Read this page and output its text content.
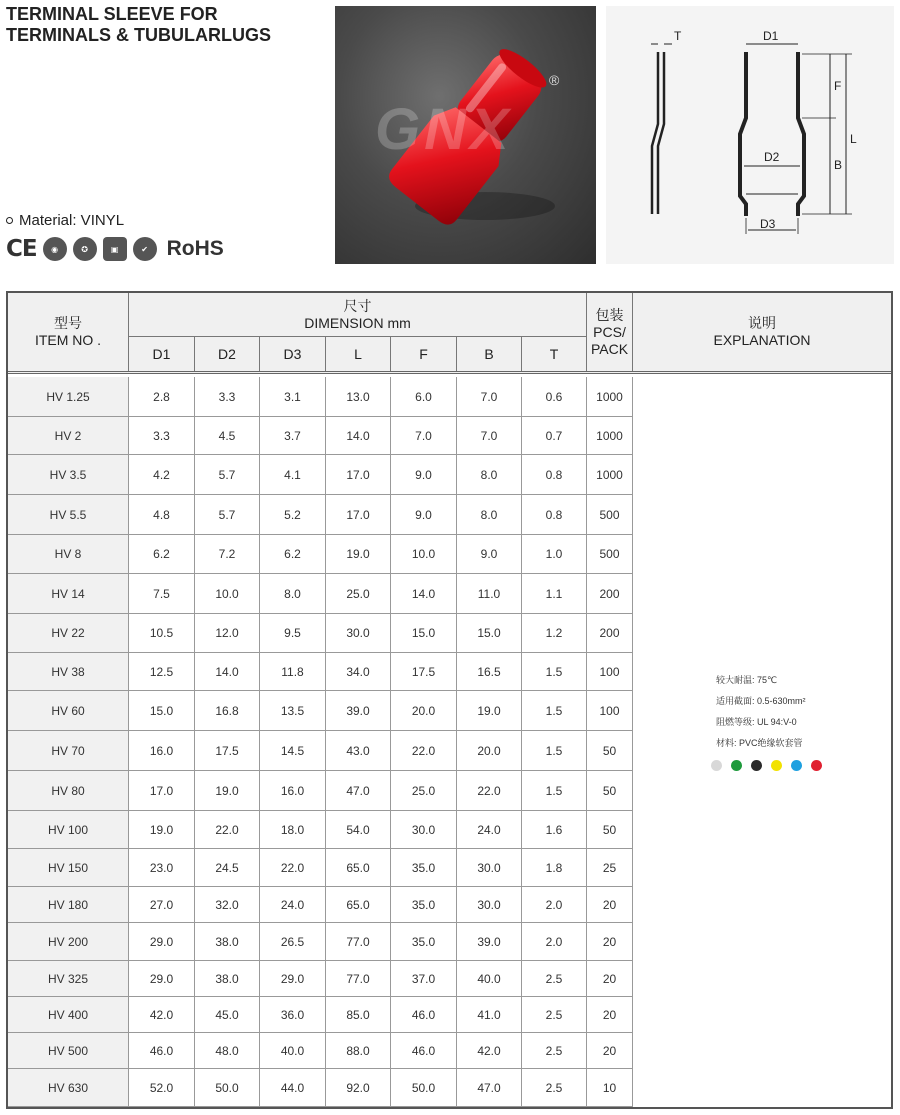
TERMINAL SLEEVE FOR
TERMINALS & TUBULARLUGS
Material: VINYL
CE	◉	✪	▣	✔ RoHS
GNX
®
T	D1
D2
D3
F
B
L
型号
ITEM NO .
尺寸
DIMENSION mm
D1	D2	D3	L	F	B	T
包装
PCS/
PACK
说明
EXPLANATION
HV 1.25	2.8	3.3	3.1	13.0	6.0	7.0	0.6	1000
HV 2	3.3	4.5	3.7	14.0	7.0	7.0	0.7	1000
HV 3.5	4.2	5.7	4.1	17.0	9.0	8.0	0.8	1000
HV 5.5	4.8	5.7	5.2	17.0	9.0	8.0	0.8	500
HV 8	6.2	7.2	6.2	19.0	10.0	9.0	1.0	500
HV 14	7.5	10.0	8.0	25.0	14.0	11.0	1.1	200
HV 22	10.5	12.0	9.5	30.0	15.0	15.0	1.2	200
HV 38	12.5	14.0	11.8	34.0	17.5	16.5	1.5	100
HV 60	15.0	16.8	13.5	39.0	20.0	19.0	1.5	100
HV 70	16.0	17.5	14.5	43.0	22.0	20.0	1.5	50
HV 80	17.0	19.0	16.0	47.0	25.0	22.0	1.5	50
HV 100	19.0	22.0	18.0	54.0	30.0	24.0	1.6	50
HV 150	23.0	24.5	22.0	65.0	35.0	30.0	1.8	25
HV 180	27.0	32.0	24.0	65.0	35.0	30.0	2.0	20
HV 200	29.0	38.0	26.5	77.0	35.0	39.0	2.0	20
HV 325	29.0	38.0	29.0	77.0	37.0	40.0	2.5	20
HV 400	42.0	45.0	36.0	85.0	46.0	41.0	2.5	20
HV 500	46.0	48.0	40.0	88.0	46.0	42.0	2.5	20
HV 630	52.0	50.0	44.0	92.0	50.0	47.0	2.5	10
较大耐温: 75℃
适用截面: 0.5-630mm²
阻燃等级: UL 94:V-0
材料: PVC绝缘软套管
